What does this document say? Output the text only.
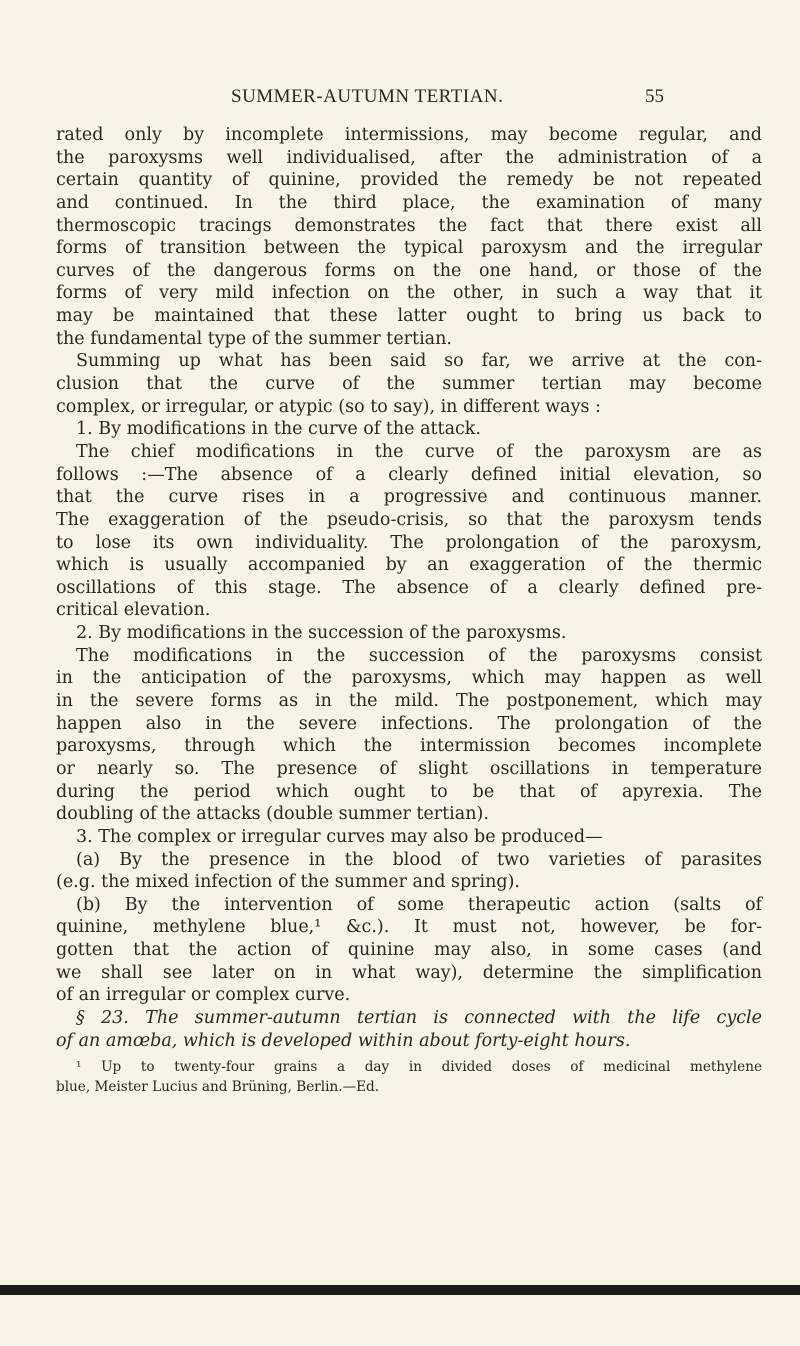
SUMMER-AUTUMN TERTIAN.	55
rated only by incomplete intermissions, may become regular, and
the paroxysms well individualised, after the administration of a
certain quantity of quinine, provided the remedy be not repeated
and continued. In the third place, the examination of many
thermoscopic tracings demonstrates the fact that there exist all
forms of transition between the typical paroxysm and the irregular
curves of the dangerous forms on the one hand, or those of the
forms of very mild infection on the other, in such a way that it
may be maintained that these latter ought to bring us back to
the fundamental type of the summer tertian.
Summing up what has been said so far, we arrive at the con-
clusion that the curve of the summer tertian may become
complex, or irregular, or atypic (so to say), in different ways :
1. By modifications in the curve of the attack.
The chief modifications in the curve of the paroxysm are as
follows :—The absence of a clearly defined initial elevation, so
that the curve rises in a progressive and continuous manner.
The exaggeration of the pseudo-crisis, so that the paroxysm tends
to lose its own individuality. The prolongation of the paroxysm,
which is usually accompanied by an exaggeration of the thermic
oscillations of this stage. The absence of a clearly defined pre-
critical elevation.
2. By modifications in the succession of the paroxysms.
The modifications in the succession of the paroxysms consist
in the anticipation of the paroxysms, which may happen as well
in the severe forms as in the mild. The postponement, which may
happen also in the severe infections. The prolongation of the
paroxysms, through which the intermission becomes incomplete
or nearly so. The presence of slight oscillations in temperature
during the period which ought to be that of apyrexia. The
doubling of the attacks (double summer tertian).
3. The complex or irregular curves may also be produced—
(a) By the presence in the blood of two varieties of parasites
(e.g. the mixed infection of the summer and spring).
(b) By the intervention of some therapeutic action (salts of
quinine, methylene blue,¹ &c.). It must not, however, be for-
gotten that the action of quinine may also, in some cases (and
we shall see later on in what way), determine the simplification
of an irregular or complex curve.
§ 23. The summer-autumn tertian is connected with the life cycle
of an amœba, which is developed within about forty-eight hours.
¹ Up to twenty-four grains a day in divided doses of medicinal methylene
blue, Meister Lucius and Brüning, Berlin.—Ed.
